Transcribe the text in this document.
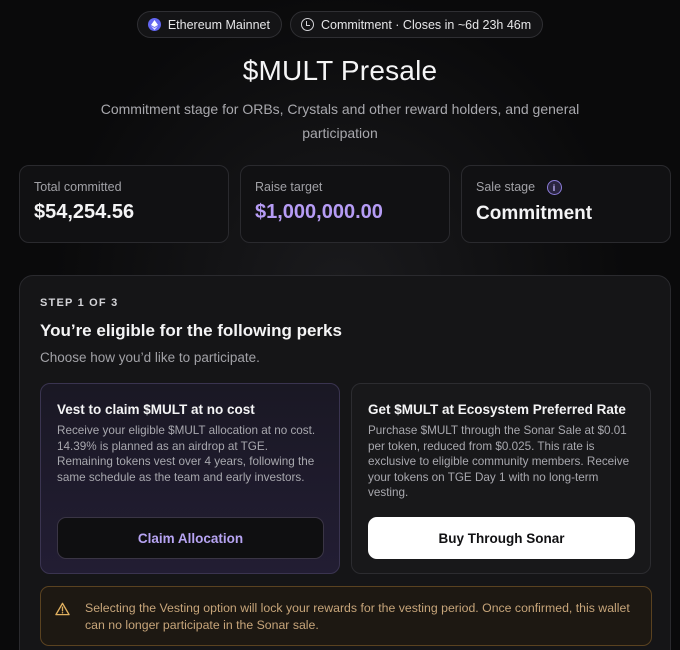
Ethereum Mainnet	Commitment · Closes in ~6d 23h 46m
$MULT Presale

Commitment stage for ORBs, Crystals and other reward holders, and general participation

Total committed
$54,254.56
Raise target
$1,000,000.00
Sale stage i
Commitment
STEP 1 OF 3
You’re eligible for the following perks
Choose how you’d like to participate.
Vest to claim $MULT at no cost
Receive your eligible $MULT allocation at no cost. 14.39% is planned as an airdrop at TGE. Remaining tokens vest over 4 years, following the same schedule as the team and early investors.
Claim Allocation
Get $MULT at Ecosystem Preferred Rate
Purchase $MULT through the Sonar Sale at $0.01 per token, reduced from $0.025. This rate is exclusive to eligible community members. Receive your tokens on TGE Day 1 with no long-term vesting.
Buy Through Sonar
Selecting the Vesting option will lock your rewards for the vesting period. Once confirmed, this wallet can no longer participate in the Sonar sale.
